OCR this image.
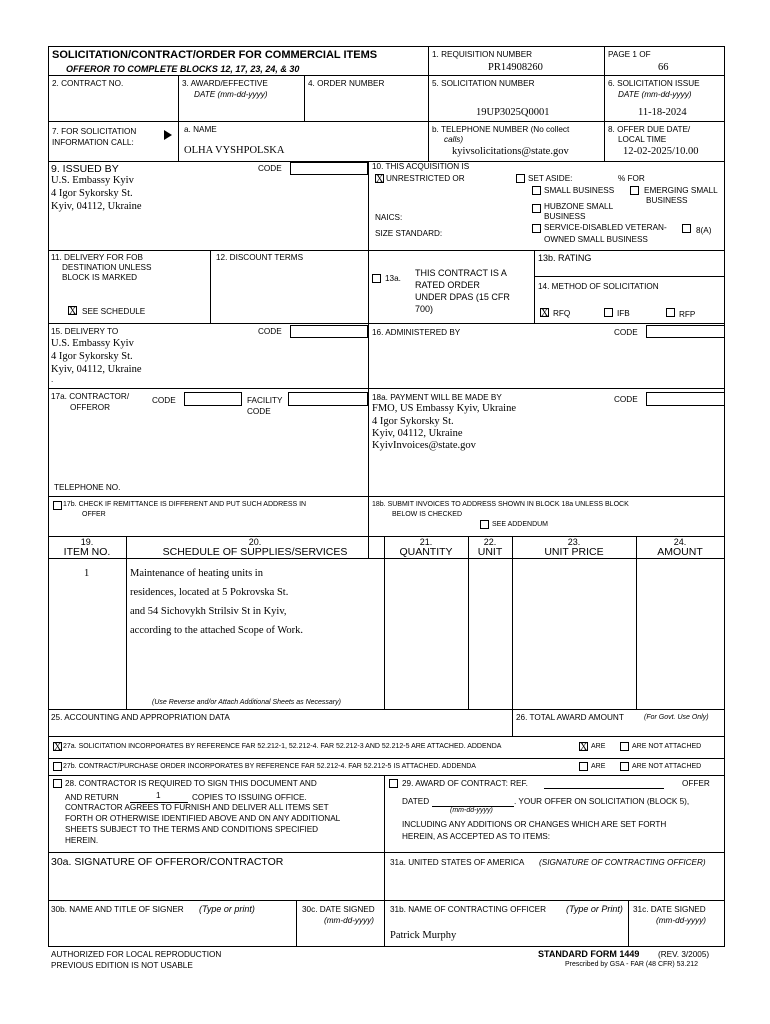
SOLICITATION/CONTRACT/ORDER FOR COMMERCIAL ITEMS
OFFEROR TO COMPLETE BLOCKS 12, 17, 23, 24, & 30
1. REQUISITION NUMBER
PR14908260
PAGE 1 OF
66
2. CONTRACT NO.	3. AWARD/EFFECTIVE
DATE (mm-dd-yyyy)
4. ORDER NUMBER	5. SOLICITATION NUMBER
19UP3025Q0001
6. SOLICITATION ISSUE
DATE (mm-dd-yyyy)
11-18-2024
7. FOR SOLICITATION
INFORMATION CALL:
a. NAME
OLHA VYSHPOLSKA
b. TELEPHONE NUMBER (No collect
calls)
kyivsolicitations@state.gov
8. OFFER DUE DATE/
LOCAL TIME
12-02-2025/10.00
9. ISSUED BY	CODE
U.S. Embassy Kyiv
4 Igor Sykorsky St.
Kyiv, 04112, Ukraine
10. THIS ACQUISITION IS
X UNRESTRICTED OR	SET ASIDE:	% FOR
SMALL BUSINESS	EMERGING SMALL
BUSINESS
HUBZONE SMALL
BUSINESS
NAICS:
SERVICE-DISABLED VETERAN-
OWNED SMALL BUSINESS
8(A)
SIZE STANDARD:
11. DELIVERY FOR FOB
DESTINATION UNLESS
BLOCK IS MARKED
X SEE SCHEDULE
12. DISCOUNT TERMS
13a.
THIS CONTRACT IS A
RATED ORDER
UNDER DPAS (15 CFR
700)
13b. RATING
14. METHOD OF SOLICITATION
X RFQ	IFB	RFP
15. DELIVERY TO	CODE
U.S. Embassy Kyiv
4 Igor Sykorsky St.
Kyiv, 04112, Ukraine
.
16. ADMINISTERED BY	CODE
17a. CONTRACTOR/
OFFEROR
CODE	FACILITY
CODE
TELEPHONE NO.
17b. CHECK IF REMITTANCE IS DIFFERENT AND PUT SUCH ADDRESS IN
OFFER
18a. PAYMENT WILL BE MADE BY	CODE
FMO, US Embassy Kyiv, Ukraine
4 Igor Sykorsky St.
Kyiv, 04112, Ukraine
KyivInvoices@state.gov
18b. SUBMIT INVOICES TO ADDRESS SHOWN IN BLOCK 18a UNLESS BLOCK
BELOW IS CHECKED
SEE ADDENDUM
19.
ITEM NO.
20.
SCHEDULE OF SUPPLIES/SERVICES
21.
QUANTITY
22.
UNIT
23.
UNIT PRICE
24.
AMOUNT
1	Maintenance of heating units in
residences, located at 5 Pokrovska St.
and 54 Sichovykh Strilsiv St in Kyiv,
according to the attached Scope of Work.
(Use Reverse and/or Attach Additional Sheets as Necessary)
25. ACCOUNTING AND APPROPRIATION DATA	26. TOTAL AWARD AMOUNT	(For Govt. Use Only)
X 27a. SOLICITATION INCORPORATES BY REFERENCE FAR 52.212-1, 52.212-4. FAR 52.212-3 AND 52.212-5 ARE ATTACHED. ADDENDA	X ARE	ARE NOT ATTACHED
27b. CONTRACT/PURCHASE ORDER INCORPORATES BY REFERENCE FAR 52.212-4. FAR 52.212-5 IS ATTACHED. ADDENDA	ARE	ARE NOT ATTACHED
28. CONTRACTOR IS REQUIRED TO SIGN THIS DOCUMENT AND
AND RETURN	1	COPIES TO ISSUING OFFICE.
CONTRACTOR AGREES TO FURNISH AND DELIVER ALL ITEMS SET
FORTH OR OTHERWISE IDENTIFIED ABOVE AND ON ANY ADDITIONAL
SHEETS SUBJECT TO THE TERMS AND CONDITIONS SPECIFIED
HEREIN.
29. AWARD OF CONTRACT: REF.	OFFER
DATED
(mm-dd-yyyy)
. YOUR OFFER ON SOLICITATION (BLOCK 5),
INCLUDING ANY ADDITIONS OR CHANGES WHICH ARE SET FORTH
HEREIN, AS ACCEPTED AS TO ITEMS:
30a. SIGNATURE OF OFFEROR/CONTRACTOR	31a. UNITED STATES OF AMERICA (SIGNATURE OF CONTRACTING OFFICER)
30b. NAME AND TITLE OF SIGNER (Type or print)	30c. DATE SIGNED
(mm-dd-yyyy)
31b. NAME OF CONTRACTING OFFICER (Type or Print)
Patrick Murphy
31c. DATE SIGNED
(mm-dd-yyyy)
AUTHORIZED FOR LOCAL REPRODUCTION
PREVIOUS EDITION IS NOT USABLE
STANDARD FORM 1449 (REV. 3/2005)
Prescribed by GSA - FAR (48 CFR) 53.212
